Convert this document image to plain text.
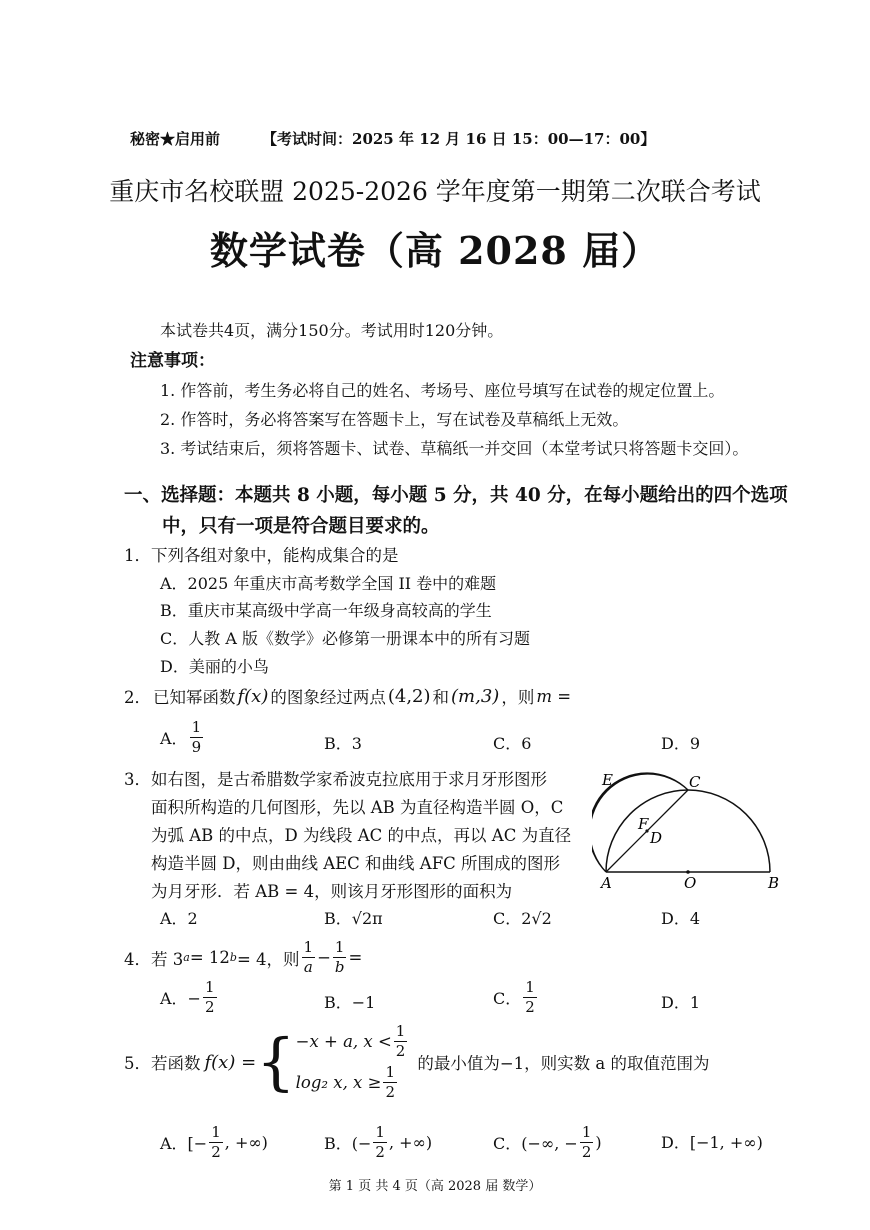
秘密★启用前	【考试时间：2025 年 12 月 16 日 15：00—17：00】
重庆市名校联盟 2025-2026 学年度第一期第二次联合考试
数学试卷（高 2028 届）
本试卷共4页，满分150分。考试用时120分钟。
注意事项：
1. 作答前，考生务必将自己的姓名、考场号、座位号填写在试卷的规定位置上。
2. 作答时，务必将答案写在答题卡上，写在试卷及草稿纸上无效。
3. 考试结束后，须将答题卡、试卷、草稿纸一并交回（本堂考试只将答题卡交回）。
一、选择题：本题共 8 小题，每小题 5 分，共 40 分，在每小题给出的四个选项
中，只有一项是符合题目要求的。
1．下列各组对象中，能构成集合的是
A．2025 年重庆市高考数学全国 II 卷中的难题
B．重庆市某高级中学高一年级身高较高的学生
C．人教 A 版《数学》必修第一册课本中的所有习题
D．美丽的小鸟
2． 已知幂函数 f(x) 的图象经过两点 (4,2) 和 (m,3) ，则 m =
A． $\frac{1}{9}$	B．3	C．6	D．9
3．如右图，是古希腊数学家希波克拉底用于求月牙形图形
面积所构造的几何图形，先以 AB 为直径构造半圆 O，C
为弧 AB 的中点，D 为线段 AC 的中点，再以 AC 为直径
构造半圆 D，则由曲线 AEC 和曲线 AFC 所围成的图形
为月牙形．若 AB = 4，则该月牙形图形的面积为
E	C
F
D
A	O	B
A．2	B．√2π	C．2√2	D．4
4． 若 3 a = 12 b = 4，则 $\frac{1}{a} - \frac{1}{b}$ =
A．− $\frac{1}{2}$	B．−1	C． $\frac{1}{2}$	D．1
5． 若函数 f(x) = { −x + a, $x < \frac{1}{2}$
log₂ x, $x \ge \frac{1}{2}$
的最小值为−1，则实数 a 的取值范围为
A．[− $\frac{1}{2}$ , +∞)	B．(− $\frac{1}{2}$ , +∞)	C．(−∞, − $\frac{1}{2}$ )	D．[−1, +∞)
第 1 页 共 4 页（高 2028 届 数学）
